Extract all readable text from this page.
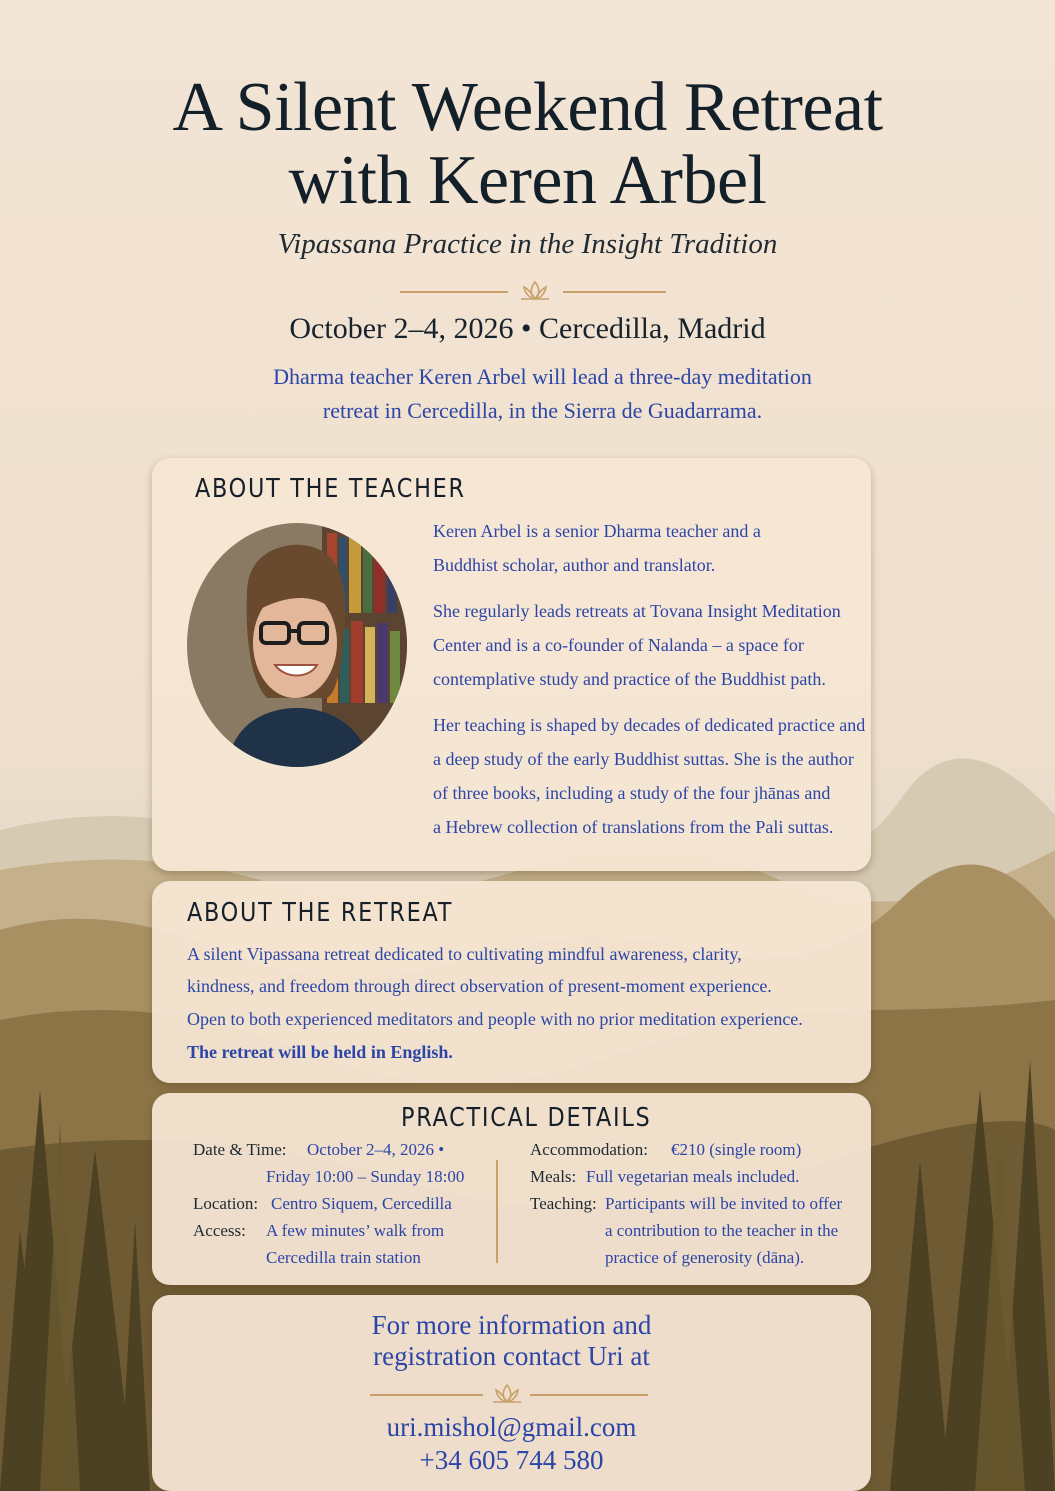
A Silent Weekend Retreat
with Keren Arbel
Vipassana Practice in the Insight Tradition
October 2–4, 2026 • Cercedilla, Madrid
Dharma teacher Keren Arbel will lead a three-day meditation
retreat in Cercedilla, in the Sierra de Guadarrama.
ABOUT THE TEACHER
Keren Arbel is a senior Dharma teacher and a
Buddhist scholar, author and translator.
She regularly leads retreats at Tovana Insight Meditation
Center and is a co-founder of Nalanda – a space for
contemplative study and practice of the Buddhist path.
Her teaching is shaped by decades of dedicated practice and
a deep study of the early Buddhist suttas. She is the author
of three books, including a study of the four jhānas and
a Hebrew collection of translations from the Pali suttas.
ABOUT THE RETREAT
A silent Vipassana retreat dedicated to cultivating mindful awareness, clarity,
kindness, and freedom through direct observation of present-moment experience.
Open to both experienced meditators and people with no prior meditation experience.
The retreat will be held in English.
PRACTICAL DETAILS
Date & Time: October 2–4, 2026 •
Friday 10:00 – Sunday 18:00
Location: Centro Siquem, Cercedilla
Access: A few minutes’ walk from
Cercedilla train station
Accommodation: €210 (single room)
Meals: Full vegetarian meals included.
Teaching: Participants will be invited to offer
a contribution to the teacher in the
practice of generosity (dāna).
For more information and
registration contact Uri at
uri.mishol@gmail.com
+34 605 744 580
